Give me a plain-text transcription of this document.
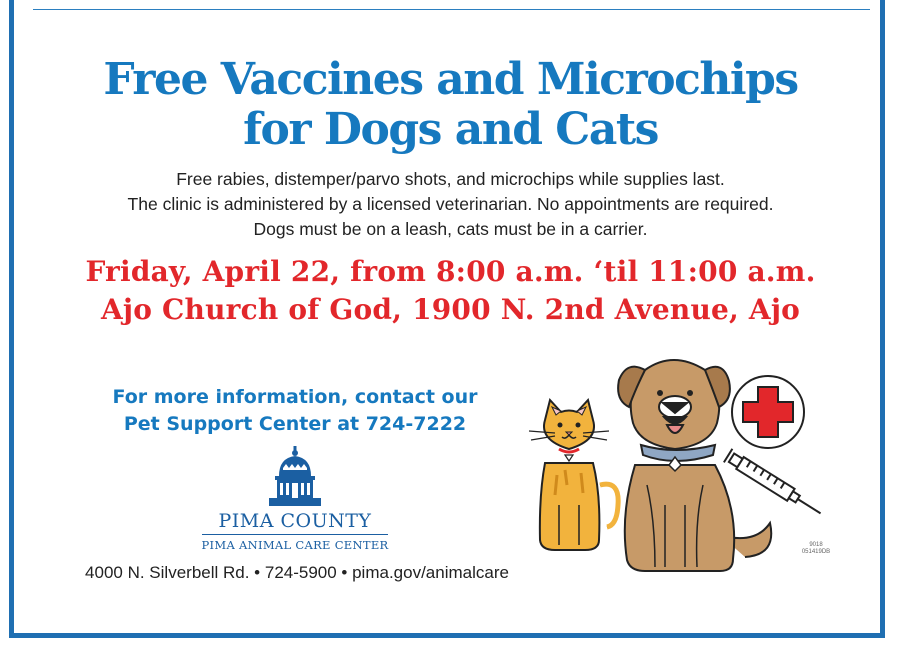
Free Vaccines and Microchips
for Dogs and Cats
Free rabies, distemper/parvo shots, and microchips while supplies last.
The clinic is administered by a licensed veterinarian. No appointments are required.
Dogs must be on a leash, cats must be in a carrier.
Friday, April 22, from 8:00 a.m. ‘til 11:00 a.m.
Ajo Church of God, 1900 N. 2nd Avenue, Ajo
For more information, contact our
Pet Support Center at 724-7222
PIMA COUNTY
PIMA ANIMAL CARE CENTER
4000 N. Silverbell Rd. • 724-5900 • pima.gov/animalcare
9018
051419DB
